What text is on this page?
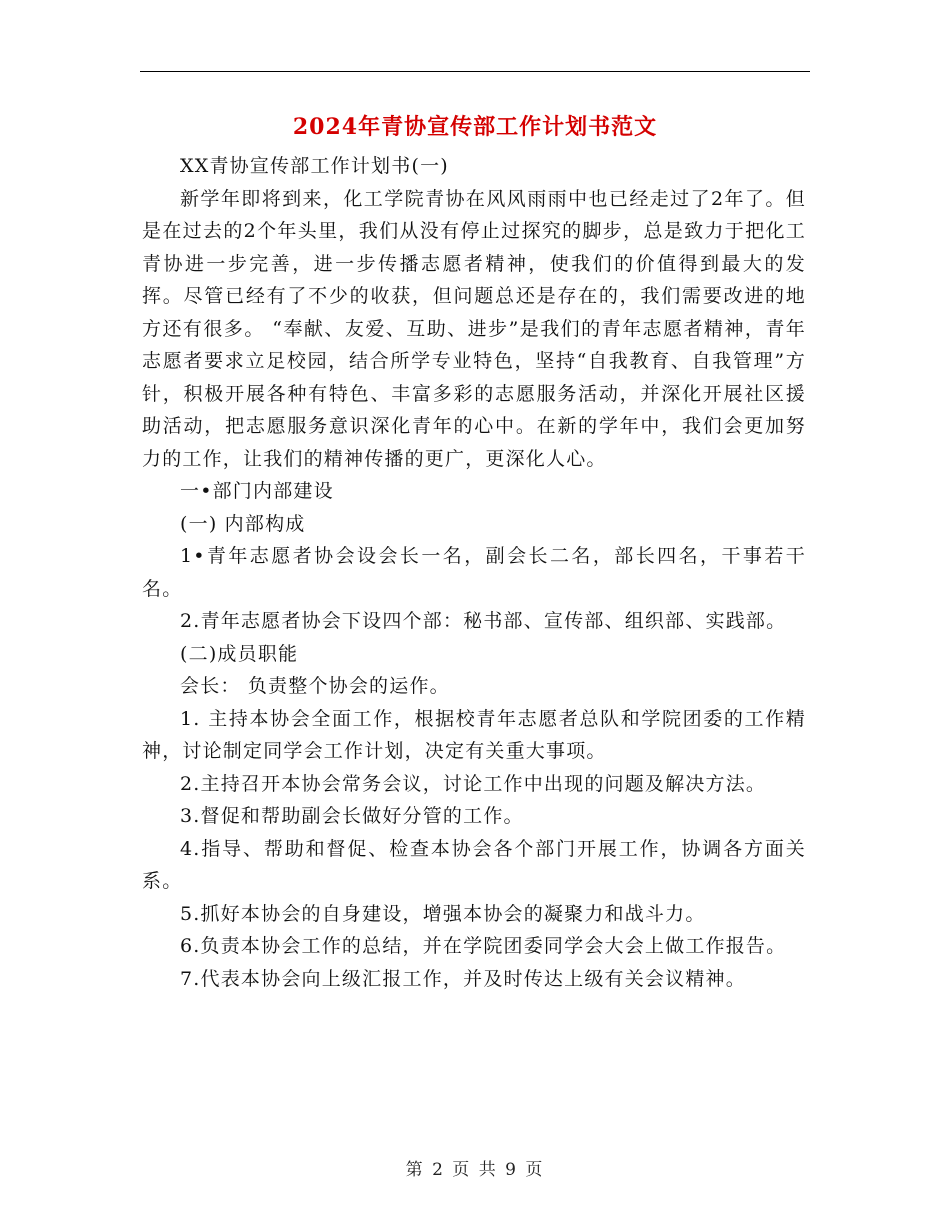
2024年青协宣传部工作计划书范文

XX青协宣传部工作计划书(一)

新学年即将到来，化工学院青协在风风雨雨中也已经走过了2年了。但是在过去的2个年头里，我们从没有停止过探究的脚步，总是致力于把化工青协进一步完善，进一步传播志愿者精神，使我们的价值得到最大的发挥。尽管已经有了不少的收获，但问题总还是存在的，我们需要改进的地方还有很多。 “奉献、友爱、互助、进步”是我们的青年志愿者精神，青年志愿者要求立足校园，结合所学专业特色，坚持“自我教育、自我管理”方针，积极开展各种有特色、丰富多彩的志愿服务活动，并深化开展社区援助活动，把志愿服务意识深化青年的心中。在新的学年中，我们会更加努力的工作，让我们的精神传播的更广，更深化人心。

一•部门内部建设

(一) 内部构成

1•青年志愿者协会设会长一名，副会长二名，部长四名，干事若干名。

2.青年志愿者协会下设四个部：秘书部、宣传部、组织部、实践部。

(二)成员职能

会长： 负责整个协会的运作。

1. 主持本协会全面工作，根据校青年志愿者总队和学院团委的工作精神，讨论制定同学会工作计划，决定有关重大事项。

2.主持召开本协会常务会议，讨论工作中出现的问题及解决方法。

3.督促和帮助副会长做好分管的工作。

4.指导、帮助和督促、检查本协会各个部门开展工作，协调各方面关系。

5.抓好本协会的自身建设，增强本协会的凝聚力和战斗力。

6.负责本协会工作的总结，并在学院团委同学会大会上做工作报告。

7.代表本协会向上级汇报工作，并及时传达上级有关会议精神。

第 2 页 共 9 页
